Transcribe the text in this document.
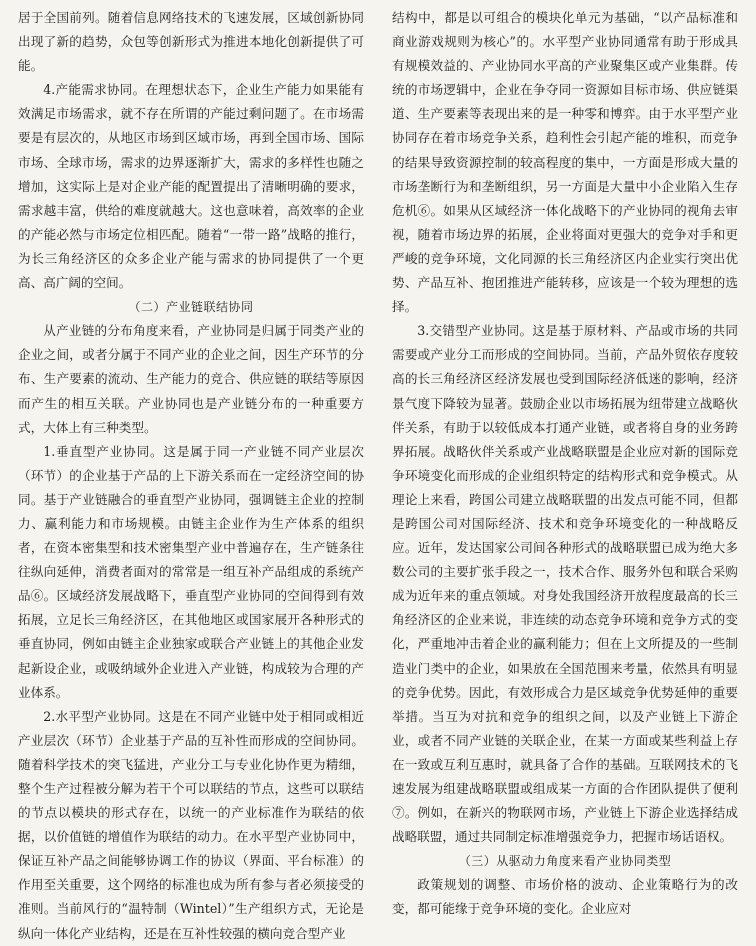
居于全国前列。随着信息网络技术的飞速发展，区域创新协同出现了新的趋势，众包等创新形式为推进本地化创新提供了可能。

4.产能需求协同。在理想状态下，企业生产能力如果能有效满足市场需求，就不存在所谓的产能过剩问题了。在市场需要是有层次的，从地区市场到区域市场，再到全国市场、国际市场、全球市场，需求的边界逐渐扩大，需求的多样性也随之增加，这实际上是对企业产能的配置提出了清晰明确的要求，需求越丰富，供给的难度就越大。这也意味着，高效率的企业的产能必然与市场定位相匹配。随着“一带一路”战略的推行，为长三角经济区的众多企业产能与需求的协同提供了一个更高、高广阔的空间。

（二）产业链联结协同

从产业链的分布角度来看，产业协同是归属于同类产业的企业之间，或者分属于不同产业的企业之间，因生产环节的分布、生产要素的流动、生产能力的竞合、供应链的联结等原因而产生的相互关联。产业协同也是产业链分布的一种重要方式，大体上有三种类型。

1.垂直型产业协同。这是属于同一产业链不同产业层次（环节）的企业基于产品的上下游关系而在一定经济空间的协同。基于产业链融合的垂直型产业协同，强调链主企业的控制力、赢利能力和市场规模。由链主企业作为生产体系的组织者，在资本密集型和技术密集型产业中普遍存在，生产链条往往纵向延伸，消费者面对的常常是一组互补产品组成的系统产品⑥。区域经济发展战略下，垂直型产业协同的空间得到有效拓展，立足长三角经济区，在其他地区或国家展开各种形式的垂直协同，例如由链主企业独家或联合产业链上的其他企业发起新设企业，或吸纳域外企业进入产业链，构成较为合理的产业体系。

2.水平型产业协同。这是在不同产业链中处于相同或相近产业层次（环节）企业基于产品的互补性而形成的空间协同。随着科学技术的突飞猛进，产业分工与专业化协作更为精细，整个生产过程被分解为若干个可以联结的节点，这些可以联结的节点以模块的形式存在，以统一的产业标准作为联结的依据，以价值链的增值作为联结的动力。在水平型产业协同中，保证互补产品之间能够协调工作的协议（界面、平台标准）的作用至关重要，这个网络的标准也成为所有参与者必须接受的准则。当前风行的“温特制（Wintel）”生产组织方式，无论是纵向一体化产业结构，还是在互补性较强的横向竞合型产业

结构中，都是以可组合的模块化单元为基础，“以产品标准和商业游戏规则为核心”的。水平型产业协同通常有助于形成具有规模效益的、产业协同水平高的产业聚集区或产业集群。传统的市场逻辑中，企业在争夺同一资源如目标市场、供应链渠道、生产要素等表现出来的是一种零和博弈。由于水平型产业协同存在着市场竞争关系，趋利性会引起产能的堆积，而竞争的结果导致资源控制的较高程度的集中，一方面是形成大量的市场垄断行为和垄断组织，另一方面是大量中小企业陷入生存危机⑥。如果从区域经济一体化战略下的产业协同的视角去审视，随着市场边界的拓展，企业将面对更强大的竞争对手和更严峻的竞争环境，文化同源的长三角经济区内企业实行突出优势、产品互补、抱团推进产能转移，应该是一个较为理想的选择。

3.交错型产业协同。这是基于原材料、产品或市场的共同需要或产业分工而形成的空间协同。当前，产品外贸依存度较高的长三角经济区经济发展也受到国际经济低迷的影响，经济景气度下降较为显著。鼓励企业以市场拓展为纽带建立战略伙伴关系，有助于以较低成本打通产业链，或者将自身的业务跨界拓展。战略伙伴关系或产业战略联盟是企业应对新的国际竞争环境变化而形成的企业组织特定的结构形式和竞争模式。从理论上来看，跨国公司建立战略联盟的出发点可能不同，但都是跨国公司对国际经济、技术和竞争环境变化的一种战略反应。近年，发达国家公司间各种形式的战略联盟已成为绝大多数公司的主要扩张手段之一，技术合作、服务外包和联合采购成为近年来的重点领域。对身处我国经济开放程度最高的长三角经济区的企业来说，非连续的动态竞争环境和竞争方式的变化，严重地冲击着企业的赢利能力；但在上文所提及的一些制造业门类中的企业，如果放在全国范围来考量，依然具有明显的竞争优势。因此，有效形成合力是区域竞争优势延伸的重要举措。当互为对抗和竞争的组织之间，以及产业链上下游企业，或者不同产业链的关联企业，在某一方面或某些利益上存在一致或互利互惠时，就具备了合作的基础。互联网技术的飞速发展为组建战略联盟或组成某一方面的合作团队提供了便利⑦。例如，在新兴的物联网市场，产业链上下游企业选择结成战略联盟，通过共同制定标准增强竞争力，把握市场话语权。

（三）从驱动力角度来看产业协同类型

政策规划的调整、市场价格的波动、企业策略行为的改变，都可能缘于竞争环境的变化。企业应对
